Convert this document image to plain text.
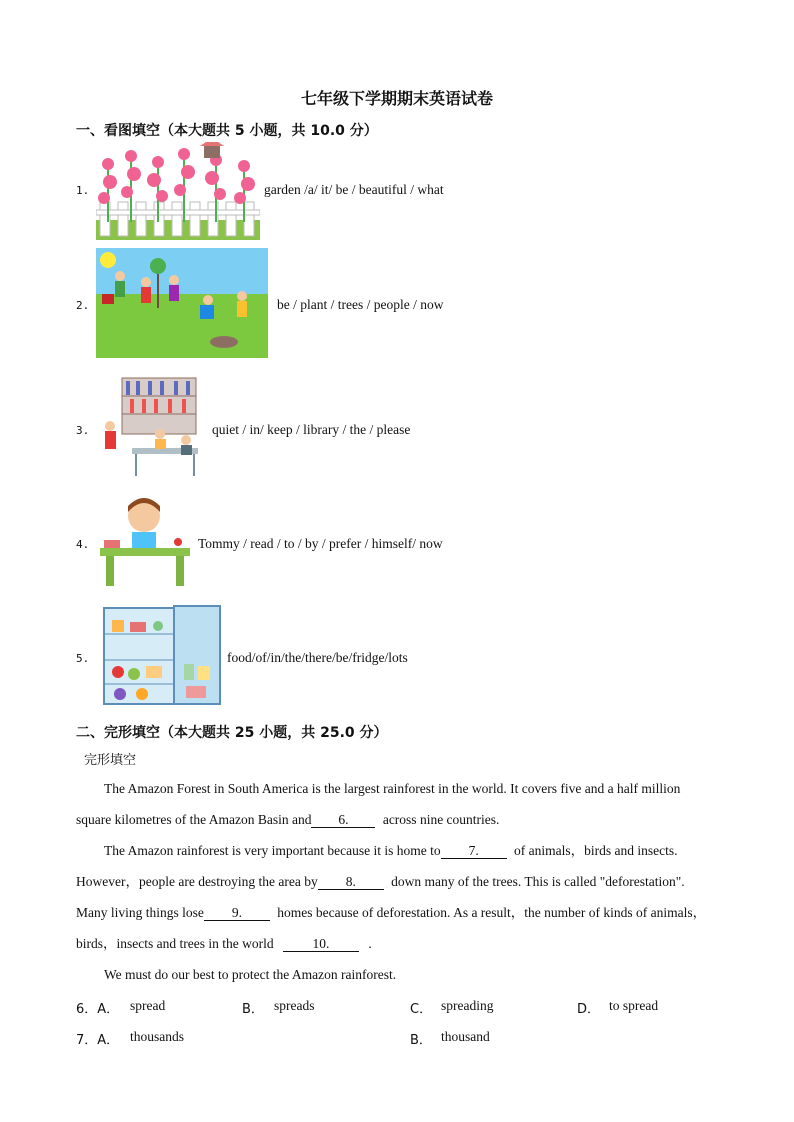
七年级下学期期末英语试卷
一、看图填空（本大题共 5 小题，共 10.0 分）
1.	garden /a/ it/ be / beautiful / what
2.	be / plant / trees / people / now
3.	quiet / in/ keep / library / the / please
4.	Tommy / read / to / by / prefer / himself/ now
5.	food/of/in/the/there/be/fridge/lots
二、完形填空（本大题共 25 小题，共 25.0 分）
完形填空
The Amazon Forest in South America is the largest rainforest in the world. It covers five and a half million
square kilometres of the Amazon Basin and 6.	across nine countries.
The Amazon rainforest is very important because it is home to 7.	of animals，birds and insects.
However，people are destroying the area by 8.	down many of the trees. This is called "deforestation".
Many living things lose 9.	homes because of deforestation. As a result，the number of kinds of animals，
birds，insects and trees in the world	10.	.
We must do our best to protect the Amazon rainforest.
6．A． spread	B． spreads	C． spreading	D． to spread
7．A． thousands	B． thousand
